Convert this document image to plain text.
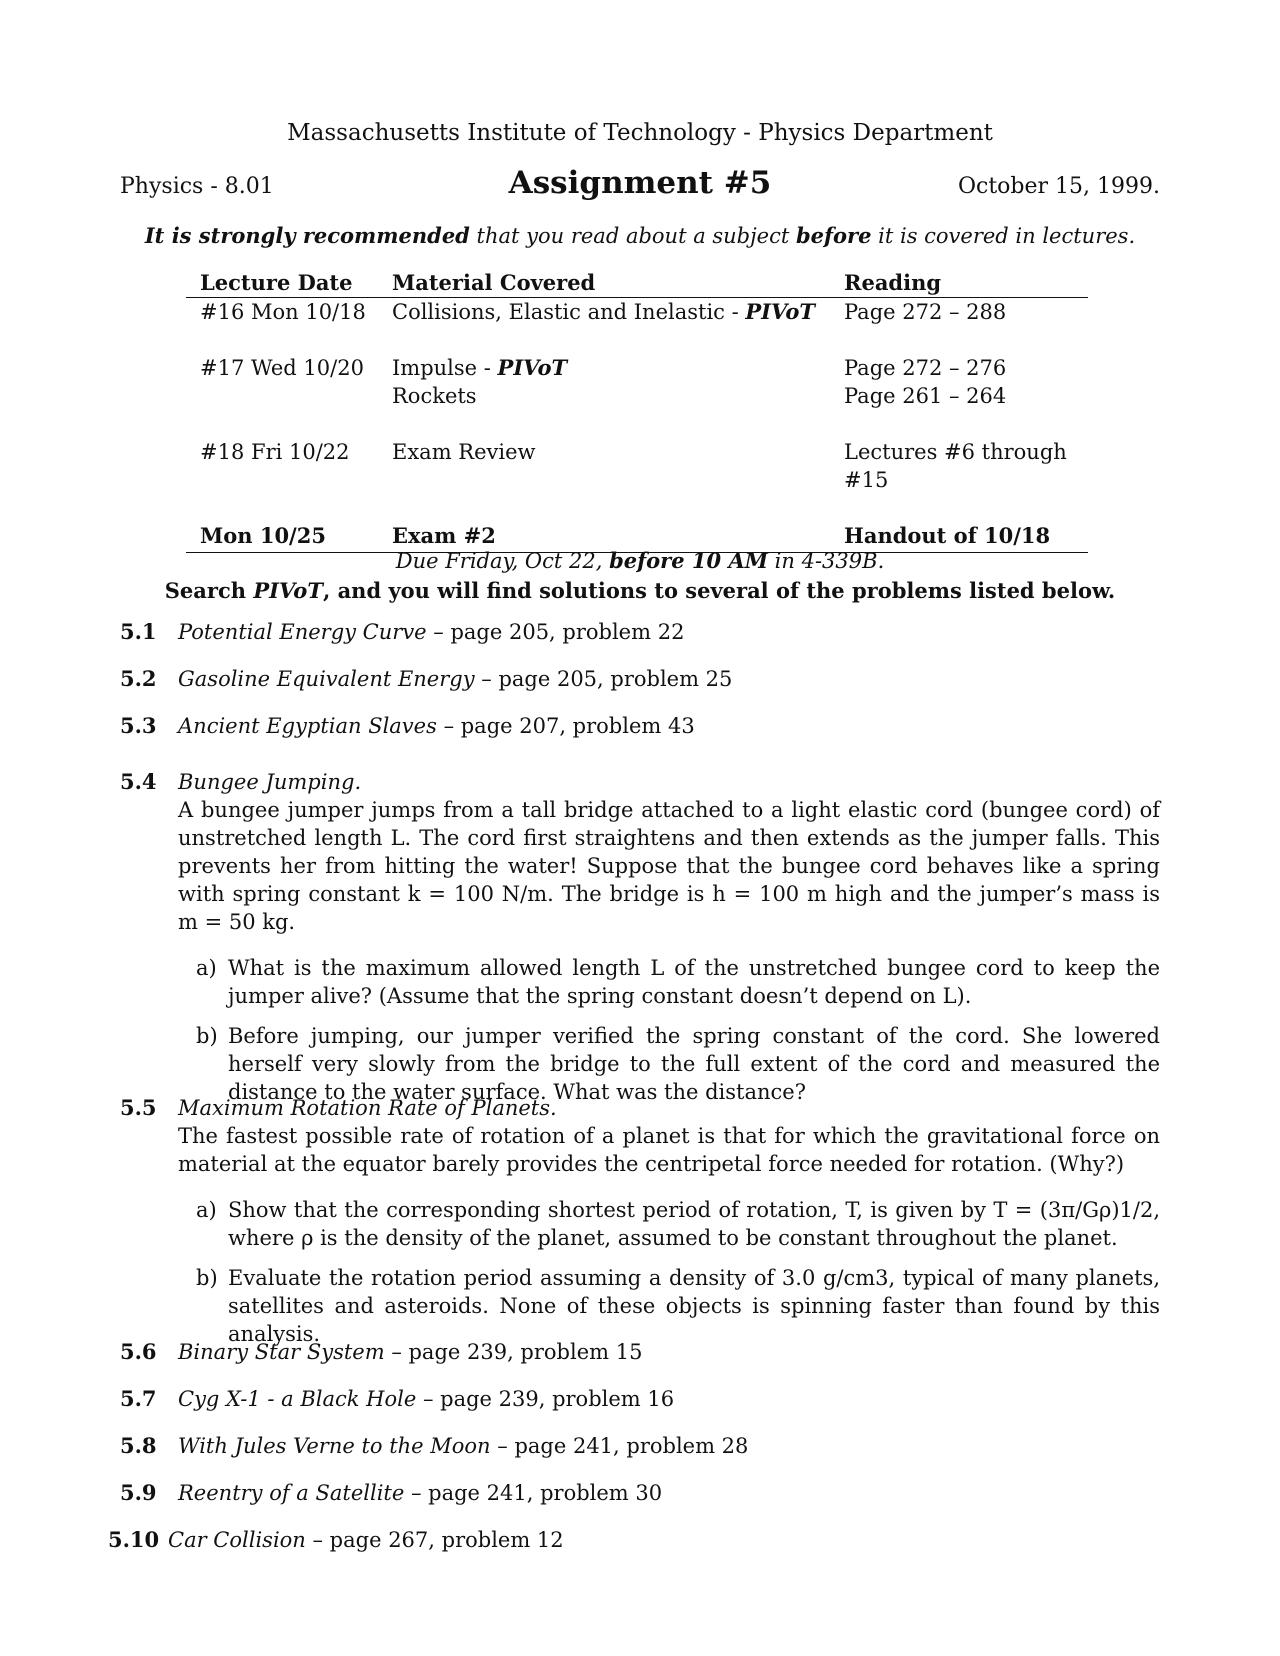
Massachusetts Institute of Technology - Physics Department
Physics - 8.01	Assignment #5	October 15, 1999.
It is strongly recommended that you read about a subject before it is covered in lectures.
Lecture Date	Material Covered	Reading
#16 Mon 10/18	Collisions, Elastic and Inelastic - PIVoT	Page 272 – 288
#17 Wed 10/20	Impulse - PIVoT	Page 272 – 276
	Rockets	Page 261 – 264
#18 Fri 10/22	Exam Review	Lectures #6 through #15
Mon 10/25	Exam #2	Handout of 10/18
Due Friday, Oct 22, before 10 AM in 4-339B.
Search PIVoT, and you will find solutions to several of the problems listed below.
5.1 Potential Energy Curve – page 205, problem 22
5.2 Gasoline Equivalent Energy – page 205, problem 25
5.3 Ancient Egyptian Slaves – page 207, problem 43
5.4 Bungee Jumping.
A bungee jumper jumps from a tall bridge attached to a light elastic cord (bungee cord) of unstretched length L. The cord first straightens and then extends as the jumper falls. This prevents her from hitting the water! Suppose that the bungee cord behaves like a spring with spring constant k = 100 N/m. The bridge is h = 100 m high and the jumper’s mass is m = 50 kg.
a) What is the maximum allowed length L of the unstretched bungee cord to keep the jumper alive? (Assume that the spring constant doesn’t depend on L).
b) Before jumping, our jumper verified the spring constant of the cord. She lowered herself very slowly from the bridge to the full extent of the cord and measured the distance to the water surface. What was the distance?
5.5 Maximum Rotation Rate of Planets.
The fastest possible rate of rotation of a planet is that for which the gravitational force on material at the equator barely provides the centripetal force needed for rotation. (Why?)
a) Show that the corresponding shortest period of rotation, T, is given by T = (3π/Gρ)1/2, where ρ is the density of the planet, assumed to be constant throughout the planet.
b) Evaluate the rotation period assuming a density of 3.0 g/cm3, typical of many planets, satellites and asteroids. None of these objects is spinning faster than found by this analysis.
5.6 Binary Star System – page 239, problem 15
5.7 Cyg X-1 - a Black Hole – page 239, problem 16
5.8 With Jules Verne to the Moon – page 241, problem 28
5.9 Reentry of a Satellite – page 241, problem 30
5.10 Car Collision – page 267, problem 12
